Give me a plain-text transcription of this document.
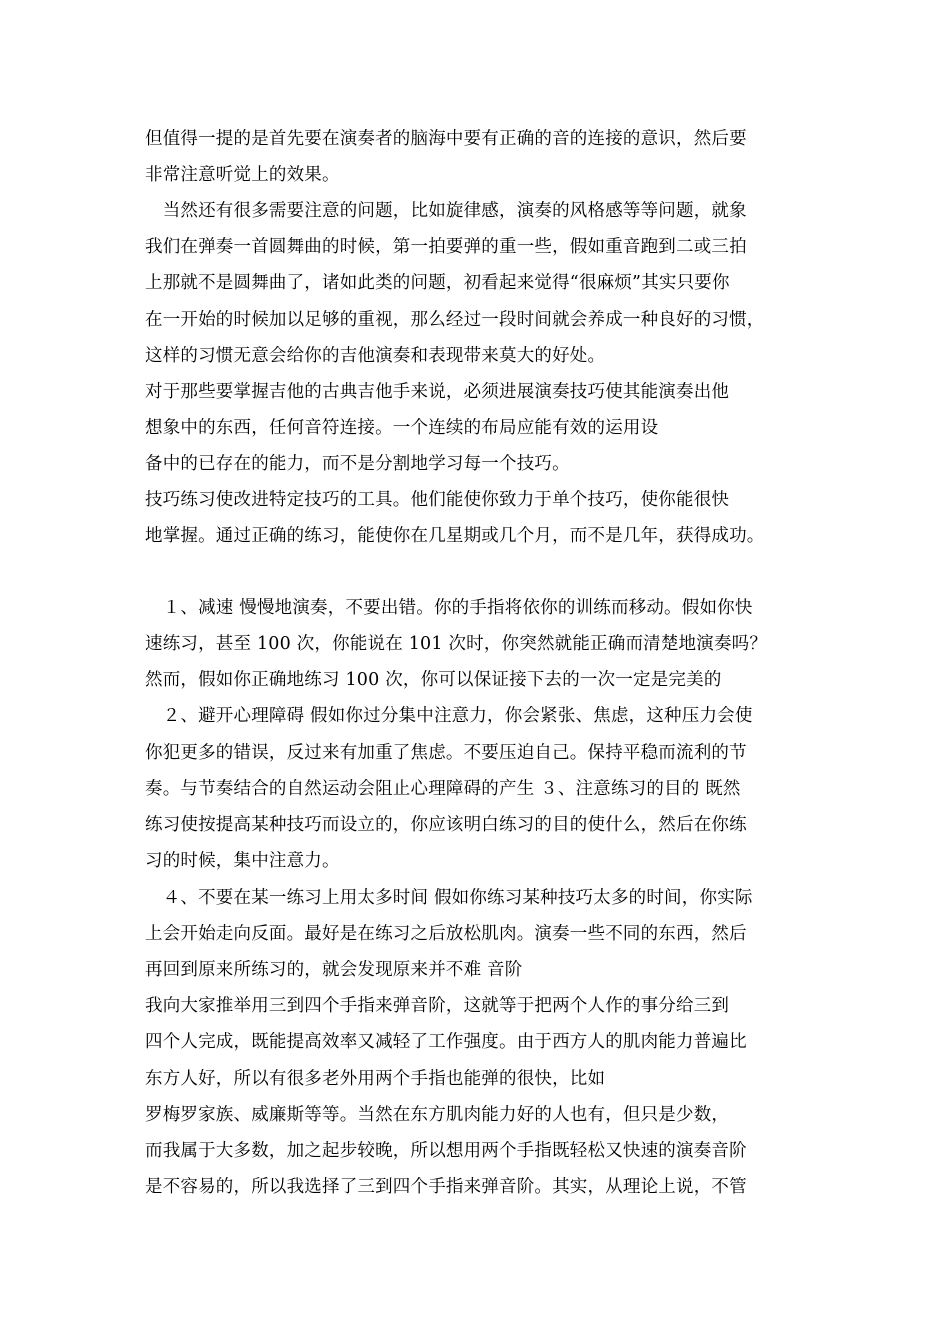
但值得一提的是首先要在演奏者的脑海中要有正确的音的连接的意识，然后要
非常注意听觉上的效果。
　当然还有很多需要注意的问题，比如旋律感，演奏的风格感等等问题，就象
我们在弹奏一首圆舞曲的时候，第一拍要弹的重一些，假如重音跑到二或三拍
上那就不是圆舞曲了，诸如此类的问题，初看起来觉得“很麻烦”其实只要你
在一开始的时候加以足够的重视，那么经过一段时间就会养成一种良好的习惯，
这样的习惯无意会给你的吉他演奏和表现带来莫大的好处。
对于那些要掌握吉他的古典吉他手来说，必须进展演奏技巧使其能演奏出他
想象中的东西，任何音符连接。一个连续的布局应能有效的运用设
备中的已存在的能力，而不是分割地学习每一个技巧。
技巧练习使改进特定技巧的工具。他们能使你致力于单个技巧，使你能很快
地掌握。通过正确的练习，能使你在几星期或几个月，而不是几年，获得成功。
　１、减速 慢慢地演奏，不要出错。你的手指将依你的训练而移动。假如你快
速练习，甚至 100 次，你能说在 101 次时，你突然就能正确而清楚地演奏吗？
然而，假如你正确地练习 100 次，你可以保证接下去的一次一定是完美的
　２、避开心理障碍 假如你过分集中注意力，你会紧张、焦虑，这种压力会使
你犯更多的错误，反过来有加重了焦虑。不要压迫自己。保持平稳而流利的节
奏。与节奏结合的自然运动会阻止心理障碍的产生 ３、注意练习的目的 既然
练习使按提高某种技巧而设立的，你应该明白练习的目的使什么，然后在你练
习的时候，集中注意力。
　４、不要在某一练习上用太多时间 假如你练习某种技巧太多的时间，你实际
上会开始走向反面。最好是在练习之后放松肌肉。演奏一些不同的东西，然后
再回到原来所练习的，就会发现原来并不难 音阶
我向大家推举用三到四个手指来弹音阶，这就等于把两个人作的事分给三到
四个人完成，既能提高效率又减轻了工作强度。由于西方人的肌肉能力普遍比
东方人好，所以有很多老外用两个手指也能弹的很快，比如
罗梅罗家族、威廉斯等等。当然在东方肌肉能力好的人也有，但只是少数，
而我属于大多数，加之起步较晚，所以想用两个手指既轻松又快速的演奏音阶
是不容易的，所以我选择了三到四个手指来弹音阶。其实，从理论上说，不管
